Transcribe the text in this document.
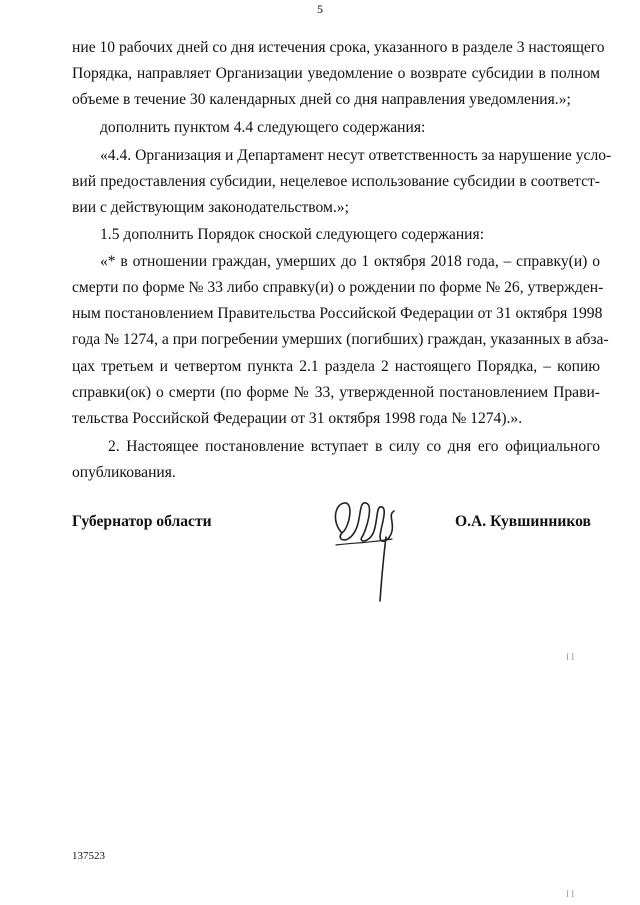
5
ние 10 рабочих дней со дня истечения срока, указанного в разделе 3 настоящего
Порядка, направляет Организации уведомление о возврате субсидии в полном
объеме в течение 30 календарных дней со дня направления уведомления.»;
дополнить пунктом 4.4 следующего содержания:
«4.4. Организация и Департамент несут ответственность за нарушение усло-
вий предоставления субсидии, нецелевое использование субсидии в соответст-
вии с действующим законодательством.»;
1.5 дополнить Порядок сноской следующего содержания:
«* в отношении граждан, умерших до 1 октября 2018 года, – справку(и) о
смерти по форме № 33 либо справку(и) о рождении по форме № 26, утвержден-
ным постановлением Правительства Российской Федерации от 31 октября 1998
года № 1274, а при погребении умерших (погибших) граждан, указанных в абза-
цах третьем и четвертом пункта 2.1 раздела 2 настоящего Порядка, – копию
справки(ок) о смерти (по форме № 33, утвержденной постановлением Прави-
тельства Российской Федерации от 31 октября 1998 года № 1274).».
2. Настоящее постановление вступает в силу со дня его официального
опубликования.
Губернатор области	О.А. Кувшинников
137523
I I
I I
